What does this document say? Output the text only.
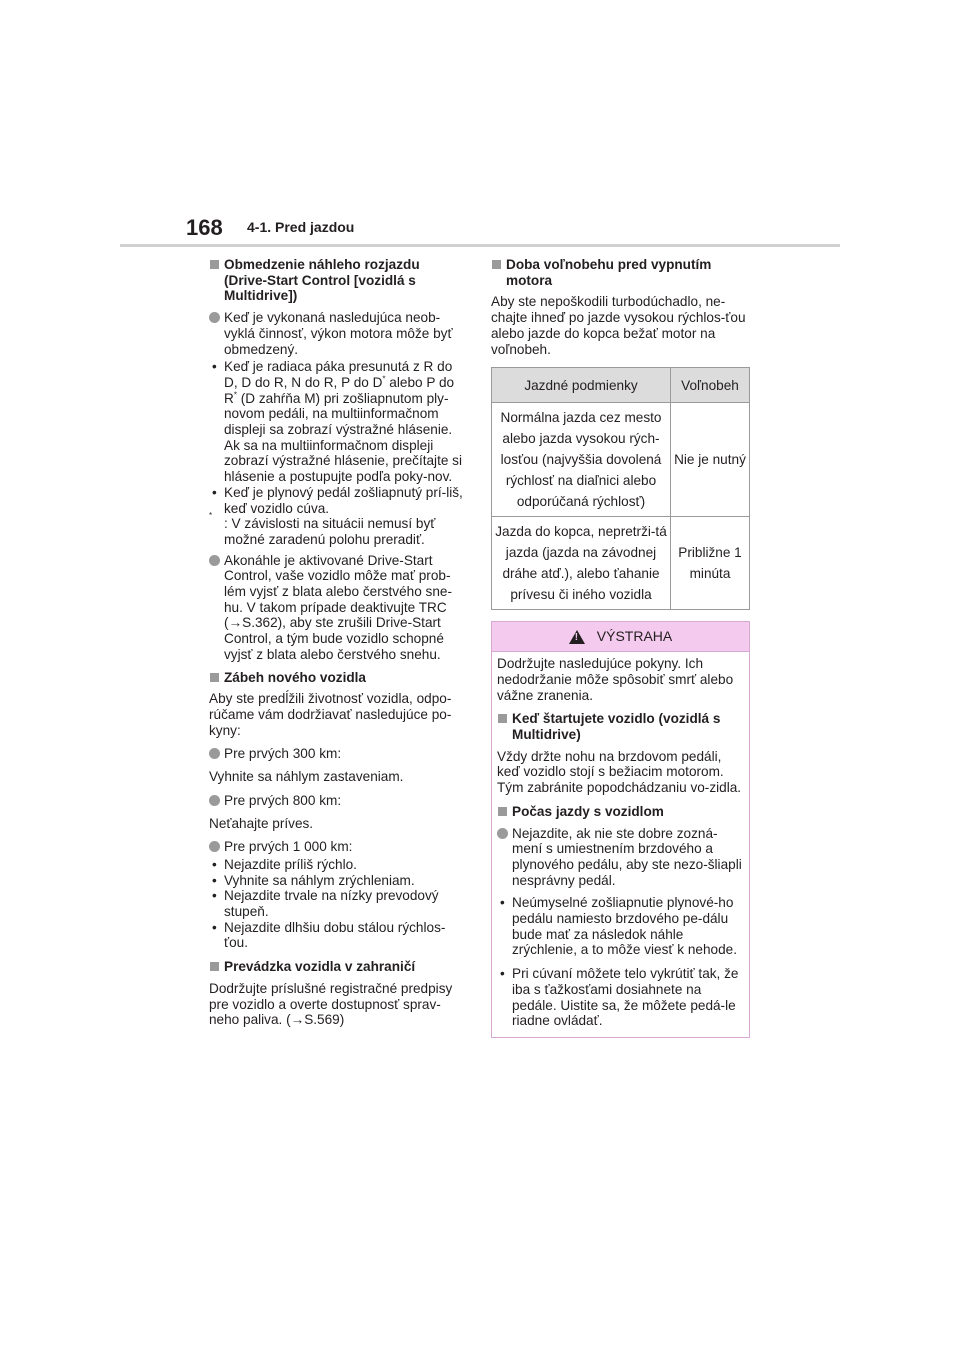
168 4-1. Pred jazdou
Obmedzenie náhleho rozjazdu (Drive-Start Control [vozidlá s Multidrive])
Keď je vykonaná nasledujúca neob-vyklá činnosť, výkon motora môže byť obmedzený.
• Keď je radiaca páka presunutá z R do D, D do R, N do R, P do D* alebo P do R* (D zahŕňa M) pri zošliapnutom ply-novom pedáli, na multiinformačnom displeji sa zobrazí výstražné hlásenie. Ak sa na multiinformačnom displeji zobrazí výstražné hlásenie, prečítajte si hlásenie a postupujte podľa poky-nov.
• Keď je plynový pedál zošliapnutý prí-liš, keď vozidlo cúva.
*
: V závislosti na situácii nemusí byť možné zaradenú polohu preradiť.
Akonáhle je aktivované Drive-Start Control, vaše vozidlo môže mať prob-lém vyjsť z blata alebo čerstvého sne-hu. V takom prípade deaktivujte TRC (→S.362), aby ste zrušili Drive-Start Control, a tým bude vozidlo schopné vyjsť z blata alebo čerstvého snehu.
Zábeh nového vozidla
Aby ste predĺžili životnosť vozidla, odpo-rúčame vám dodržiavať nasledujúce po-kyny:
Pre prvých 300 km:
Vyhnite sa náhlym zastaveniam.
Pre prvých 800 km:
Neťahajte príves.
Pre prvých 1 000 km:
• Nejazdite príliš rýchlo.
• Vyhnite sa náhlym zrýchleniam.
• Nejazdite trvale na nízky prevodový stupeň.
• Nejazdite dlhšiu dobu stálou rýchlos-ťou.
Prevádzka vozidla v zahraničí
Dodržujte príslušné registračné predpisy pre vozidlo a overte dostupnosť sprav-neho paliva. (→S.569)
Doba voľnobehu pred vypnutím motora
Aby ste nepoškodili turbodúchadlo, ne-chajte ihneď po jazde vysokou rýchlos-ťou alebo jazde do kopca bežať motor na voľnobeh.
Jazdné podmienky	Voľnobeh
Normálna jazda cez mesto alebo jazda vysokou rých-losťou (najvyššia dovolená rýchlosť na diaľnici alebo odporúčaná rýchlosť)	Nie je nutný
Jazda do kopca, nepretrži-tá jazda (jazda na závodnej dráhe atď.), alebo ťahanie prívesu či iného vozidla	Približne 1 minúta
! VÝSTRAHA
Dodržujte nasledujúce pokyny. Ich nedodržanie môže spôsobiť smrť alebo vážne zranenia.
Keď štartujete vozidlo (vozidlá s Multidrive)
Vždy držte nohu na brzdovom pedáli, keď vozidlo stojí s bežiacim motorom. Tým zabránite popodchádzaniu vo-zidla.
Počas jazdy s vozidlom
Nejazdite, ak nie ste dobre zozná-mení s umiestnením brzdového a plynového pedálu, aby ste nezo-šliapli nesprávny pedál.
• Neúmyselné zošliapnutie plynové-ho pedálu namiesto brzdového pe-dálu bude mať za následok náhle zrýchlenie, a to môže viesť k nehode.
• Pri cúvaní môžete telo vykrútiť tak, že iba s ťažkosťami dosiahnete na pedále. Uistite sa, že môžete pedá-le riadne ovládať.
